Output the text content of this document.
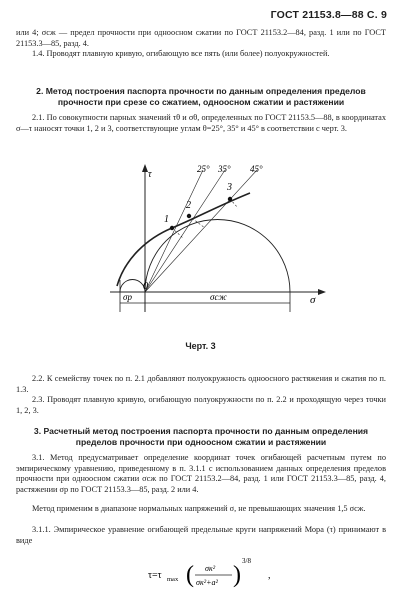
ГОСТ 21153.8—88 С. 9

или 4; σсж — предел прочности при одноосном сжатии по ГОСТ 21153.2—84, разд. 1 или по ГОСТ 21153.3—85, разд. 4.

1.4. Проводят плавную кривую, огибающую все пять (или более) полуокружностей.

2. Метод построения паспорта прочности по данным определения пределов прочности при срезе со сжатием, одноосном сжатии и растяжении

2.1. По совокупности парных значений τθ и σθ, определенных по ГОСТ 21153.5—88, в координатах σ—τ наносят точки 1, 2 и 3, соответствующие углам θ=25°, 35° и 45° в соответствии с черт. 3.

25° 35° 45°
1
2
3
τ
0
σ
σp	σсж
Черт. 3

2.2. К семейству точек по п. 2.1 добавляют полуокружность одноосного растяжения и сжатия по п. 1.3.

2.3. Проводят плавную кривую, огибающую полуокружности по п. 2.2 и проходящую через точки 1, 2, 3.

3. Расчетный метод построения паспорта прочности по данным определения пределов прочности при одноосном сжатии и растяжении

3.1. Метод предусматривает определение координат точек огибающей расчетным путем по эмпирическому уравнению, приведенному в п. 3.1.1 с использованием данных определения пределов прочности при одноосном сжатии σсж по ГОСТ 21153.2—84, разд. 1 или ГОСТ 21153.3—85, разд. 4, растяжении σр по ГОСТ 21153.3—85, разд. 2 или 4.

Метод применим в диапазоне нормальных напряжений σ, не превышающих значения 1,5 σсж.

3.1.1. Эмпирическое уравнение огибающей предельные круги напряжений Мора (τ) принимают в виде

τ=τ max ( σк²
σк²+a² )
3/8
,
